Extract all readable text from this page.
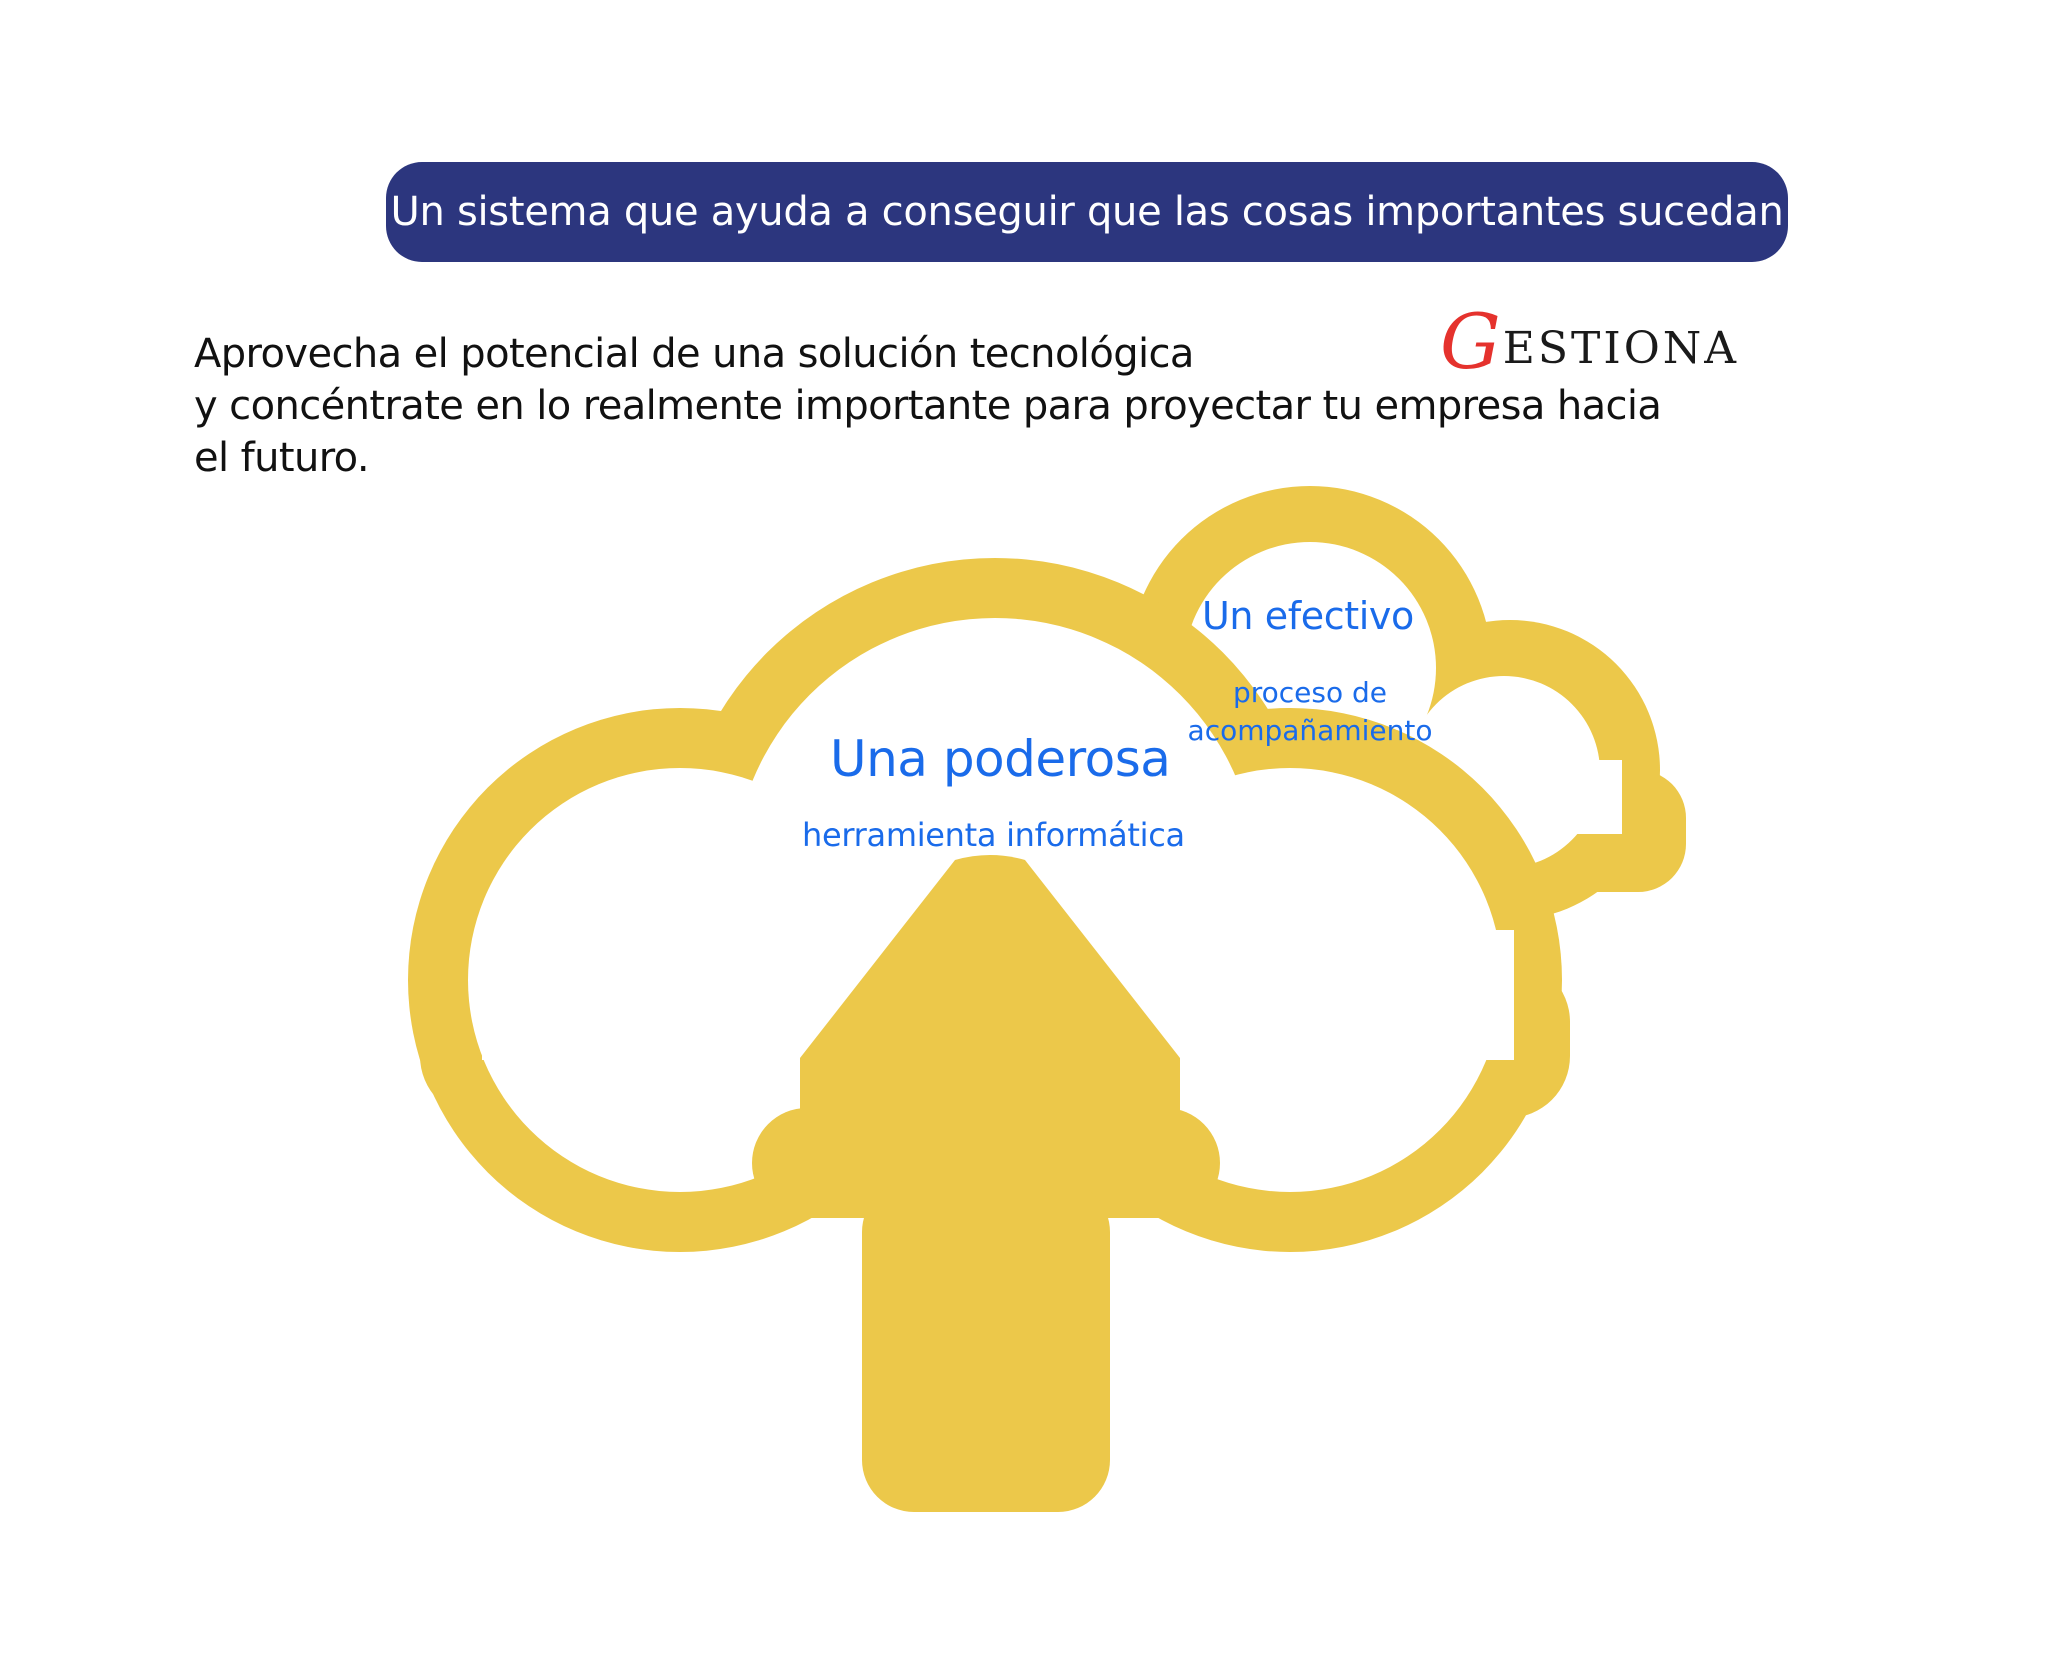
Un sistema que ayuda a conseguir que las cosas importantes sucedan
Aprovecha el potencial de una solución tecnológica
y concéntrate en lo realmente importante para proyectar tu empresa hacia
el futuro.
G ESTIONA
Una poderosa
herramienta informática
Un efectivo
proceso de
acompañamiento
